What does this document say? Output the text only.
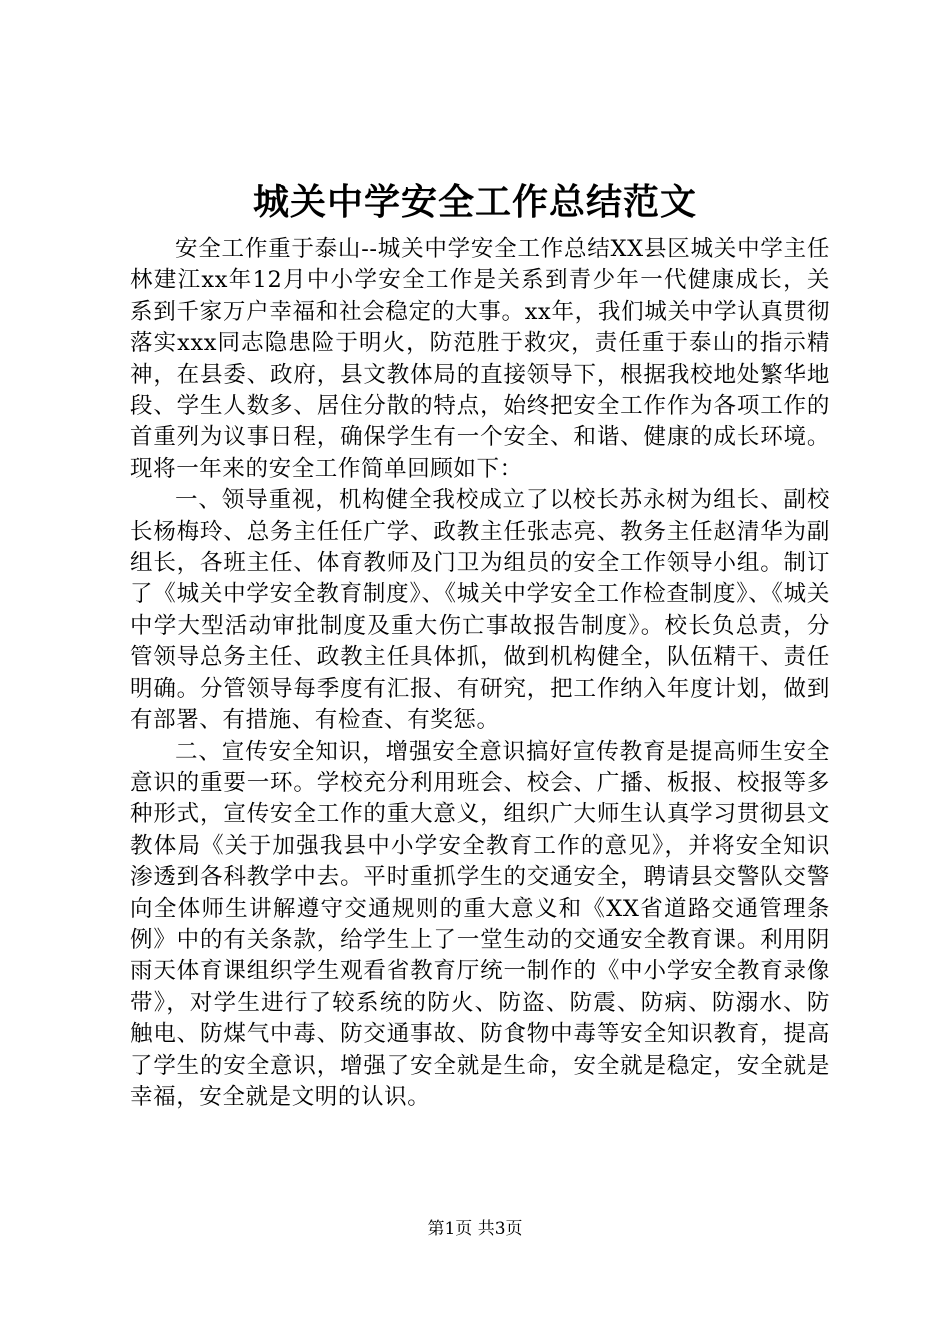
城关中学安全工作总结范文

安全工作重于泰山--城关中学安全工作总结XX县区城关中学主任林建江xx年12月中小学安全工作是关系到青少年一代健康成长，关系到千家万户幸福和社会稳定的大事。xx年，我们城关中学认真贯彻落实xxx同志隐患险于明火，防范胜于救灾，责任重于泰山的指示精神，在县委、政府，县文教体局的直接领导下，根据我校地处繁华地段、学生人数多、居住分散的特点，始终把安全工作作为各项工作的首重列为议事日程，确保学生有一个安全、和谐、健康的成长环境。现将一年来的安全工作简单回顾如下：

一、领导重视，机构健全我校成立了以校长苏永树为组长、副校长杨梅玲、总务主任任广学、政教主任张志亮、教务主任赵清华为副组长，各班主任、体育教师及门卫为组员的安全工作领导小组。制订了《城关中学安全教育制度》、《城关中学安全工作检查制度》、《城关中学大型活动审批制度及重大伤亡事故报告制度》。校长负总责，分管领导总务主任、政教主任具体抓，做到机构健全，队伍精干、责任明确。分管领导每季度有汇报、有研究，把工作纳入年度计划，做到有部署、有措施、有检查、有奖惩。

二、宣传安全知识，增强安全意识搞好宣传教育是提高师生安全意识的重要一环。学校充分利用班会、校会、广播、板报、校报等多种形式，宣传安全工作的重大意义，组织广大师生认真学习贯彻县文教体局《关于加强我县中小学安全教育工作的意见》，并将安全知识渗透到各科教学中去。平时重抓学生的交通安全，聘请县交警队交警向全体师生讲解遵守交通规则的重大意义和《XX省道路交通管理条例》中的有关条款，给学生上了一堂生动的交通安全教育课。利用阴雨天体育课组织学生观看省教育厅统一制作的《中小学安全教育录像带》，对学生进行了较系统的防火、防盗、防震、防病、防溺水、防触电、防煤气中毒、防交通事故、防食物中毒等安全知识教育，提高了学生的安全意识，增强了安全就是生命，安全就是稳定，安全就是幸福，安全就是文明的认识。

第1页 共3页
